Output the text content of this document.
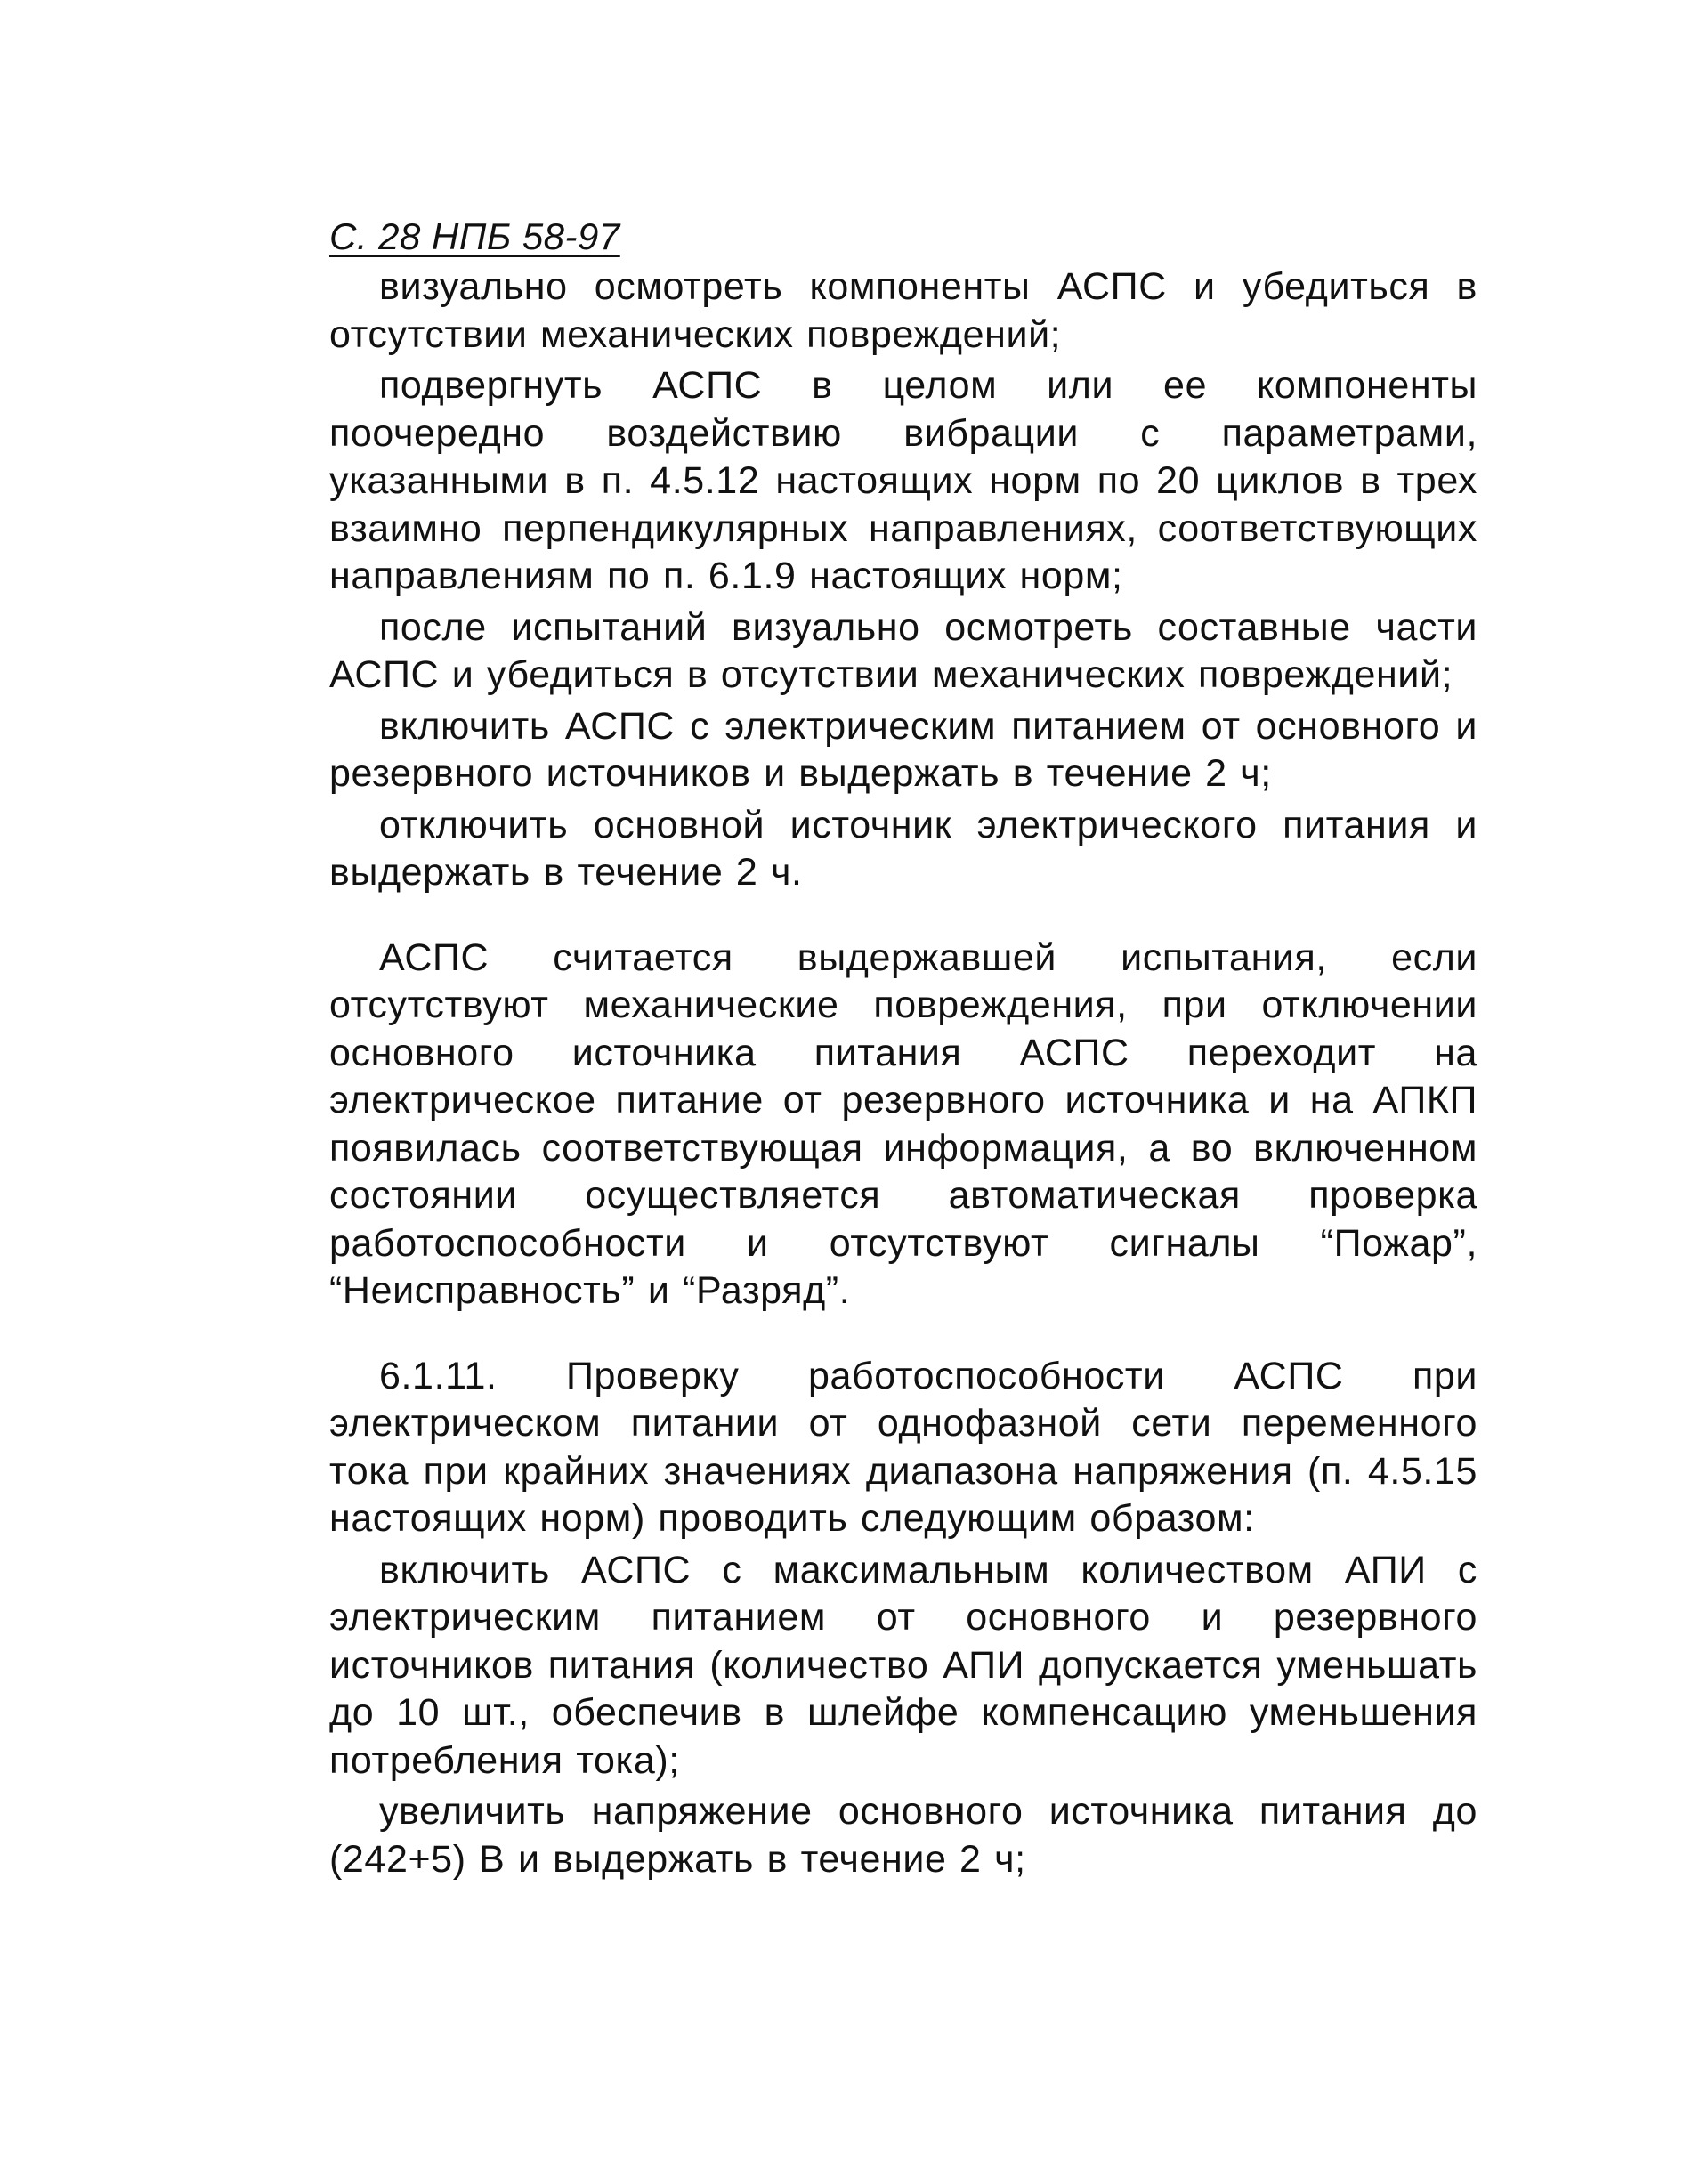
С. 28 НПБ 58-97

визуально осмотреть компоненты АСПС и убедиться в отсутствии механических повреждений;

подвергнуть АСПС в целом или ее компоненты поочередно воздействию вибрации с параметрами, указанными в п. 4.5.12 настоящих норм по 20 циклов в трех взаимно перпендикулярных направлениях, соответствующих направлениям по п. 6.1.9 настоящих норм;

после испытаний визуально осмотреть составные части АСПС и убедиться в отсутствии механических повреждений;

включить АСПС с электрическим питанием от основного и резервного источников и выдержать в течение 2 ч;

отключить основной источник электрического питания и выдержать в течение 2 ч.

АСПС считается выдержавшей испытания, если отсутствуют механические повреждения, при отключении основного источника питания АСПС переходит на электрическое питание от резервного источника и на АПКП появилась соответствующая информация, а во включенном состоянии осуществляется автоматическая проверка работоспособности и отсутствуют сигналы “Пожар”, “Неисправность” и “Разряд”.

6.1.11. Проверку работоспособности АСПС при электрическом питании от однофазной сети переменного тока при крайних значениях диапазона напряжения (п. 4.5.15 настоящих норм) проводить следующим образом:

включить АСПС с максимальным количеством АПИ с электрическим питанием от основного и резервного источников питания (количество АПИ допускается уменьшать до 10 шт., обеспечив в шлейфе компенсацию уменьшения потребления тока);

увеличить напряжение основного источника питания до (242+5) В и выдержать в течение 2 ч;
